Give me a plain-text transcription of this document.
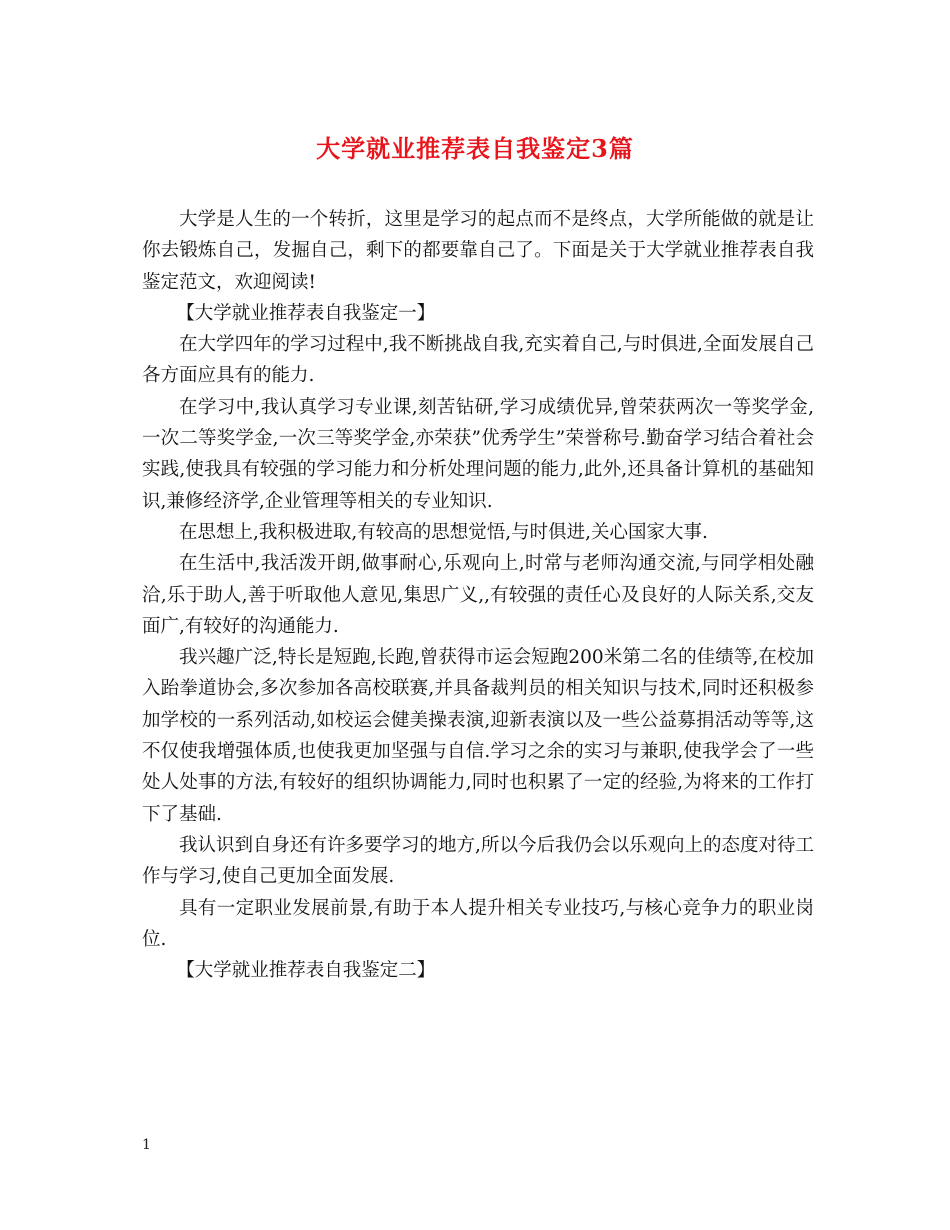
大学就业推荐表自我鉴定3篇

大学是人生的一个转折，这里是学习的起点而不是终点，大学所能做的就是让你去锻炼自己，发掘自己，剩下的都要靠自己了。下面是关于大学就业推荐表自我鉴定范文，欢迎阅读!

【大学就业推荐表自我鉴定一】

在大学四年的学习过程中,我不断挑战自我,充实着自己,与时俱进,全面发展自己各方面应具有的能力.

在学习中,我认真学习专业课,刻苦钻研,学习成绩优异,曾荣获两次一等奖学金,一次二等奖学金,一次三等奖学金,亦荣获”优秀学生”荣誉称号.勤奋学习结合着社会实践,使我具有较强的学习能力和分析处理问题的能力,此外,还具备计算机的基础知识,兼修经济学,企业管理等相关的专业知识.

在思想上,我积极进取,有较高的思想觉悟,与时俱进,关心国家大事.

在生活中,我活泼开朗,做事耐心,乐观向上,时常与老师沟通交流,与同学相处融洽,乐于助人,善于听取他人意见,集思广义,,有较强的责任心及良好的人际关系,交友面广,有较好的沟通能力.

我兴趣广泛,特长是短跑,长跑,曾获得市运会短跑200米第二名的佳绩等,在校加入跆拳道协会,多次参加各高校联赛,并具备裁判员的相关知识与技术,同时还积极参加学校的一系列活动,如校运会健美操表演,迎新表演以及一些公益募捐活动等等,这不仅使我增强体质,也使我更加坚强与自信.学习之余的实习与兼职,使我学会了一些处人处事的方法,有较好的组织协调能力,同时也积累了一定的经验,为将来的工作打下了基础.

我认识到自身还有许多要学习的地方,所以今后我仍会以乐观向上的态度对待工作与学习,使自己更加全面发展.

具有一定职业发展前景,有助于本人提升相关专业技巧,与核心竞争力的职业岗位.

【大学就业推荐表自我鉴定二】

1
